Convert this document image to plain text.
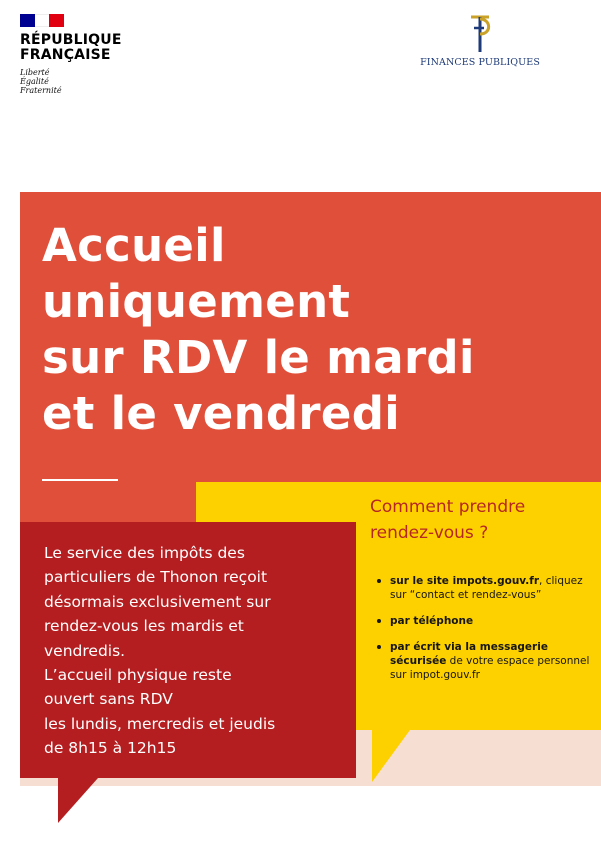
RÉPUBLIQUE
FRANÇAISE
Liberté
Égalité
Fraternité
FINANCES PUBLIQUES
Accueil
uniquement
sur RDV le mardi
et le vendredi
Comment prendre
rendez-vous ?
sur le site impots.gouv.fr, cliquez sur “contact et rendez-vous”
par téléphone
par écrit via la messagerie sécurisée de votre espace personnel sur impot.gouv.fr

Le service des impôts des
particuliers de Thonon reçoit
désormais exclusivement sur
rendez-vous les mardis et
vendredis.
L’accueil physique reste
ouvert sans RDV
les lundis, mercredis et jeudis
de 8h15 à 12h15
